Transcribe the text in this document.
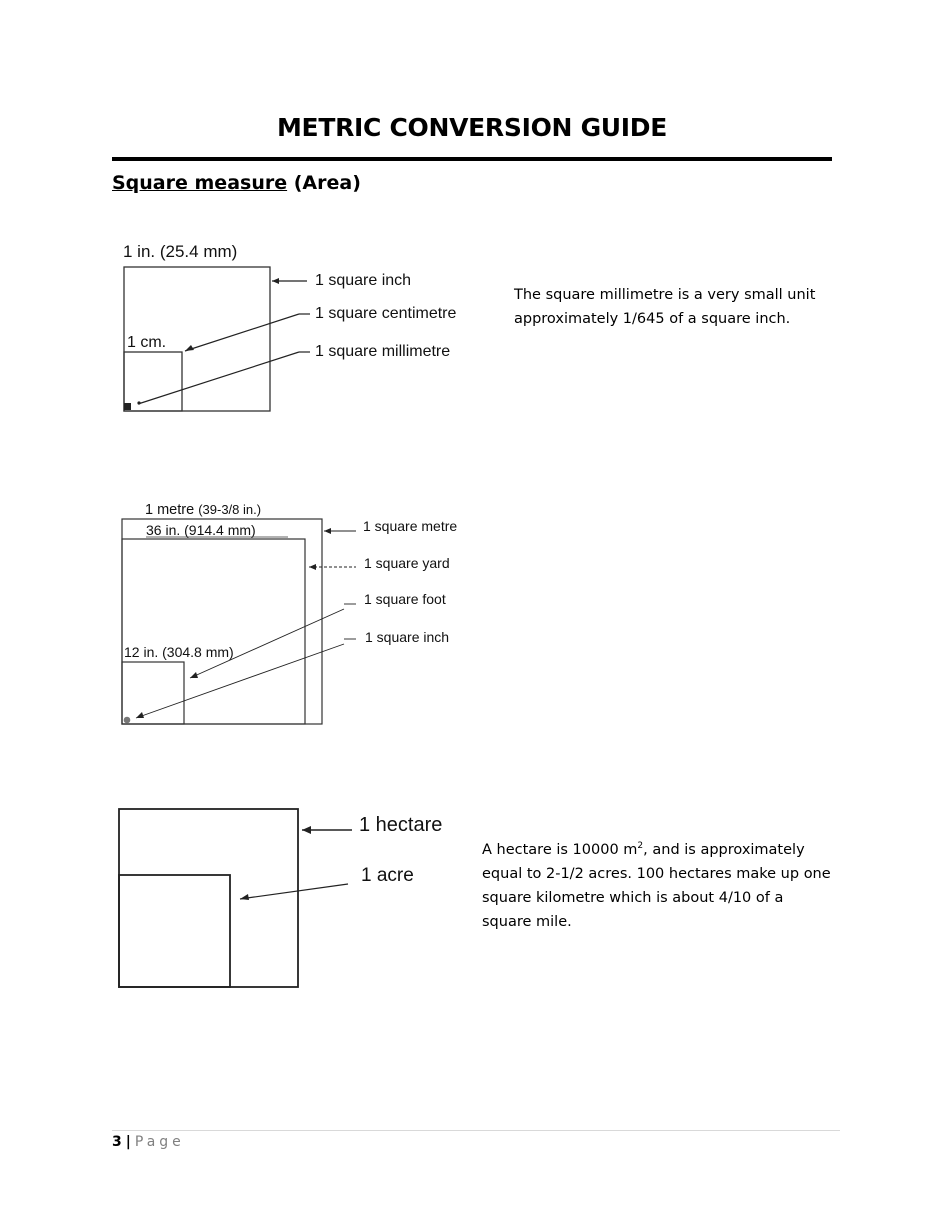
METRIC CONVERSION GUIDE
Square measure (Area)
1 in. (25.4 mm)
1 cm.
1 square inch
1 square centimetre
1 square millimetre

The square millimetre is a very small unit approximately 1/645 of a square inch.

1 metre (39-3/8 in.)
36 in. (914.4 mm)
12 in. (304.8 mm)
1 square metre
1 square yard
1 square foot
1 square inch
1 hectare
1 acre

A hectare is 10000 $m^2$, and is approximately equal to 2-1/2 acres. 100 hectares make up one square kilometre which is about 4/10 of a square mile.

3 | Page
